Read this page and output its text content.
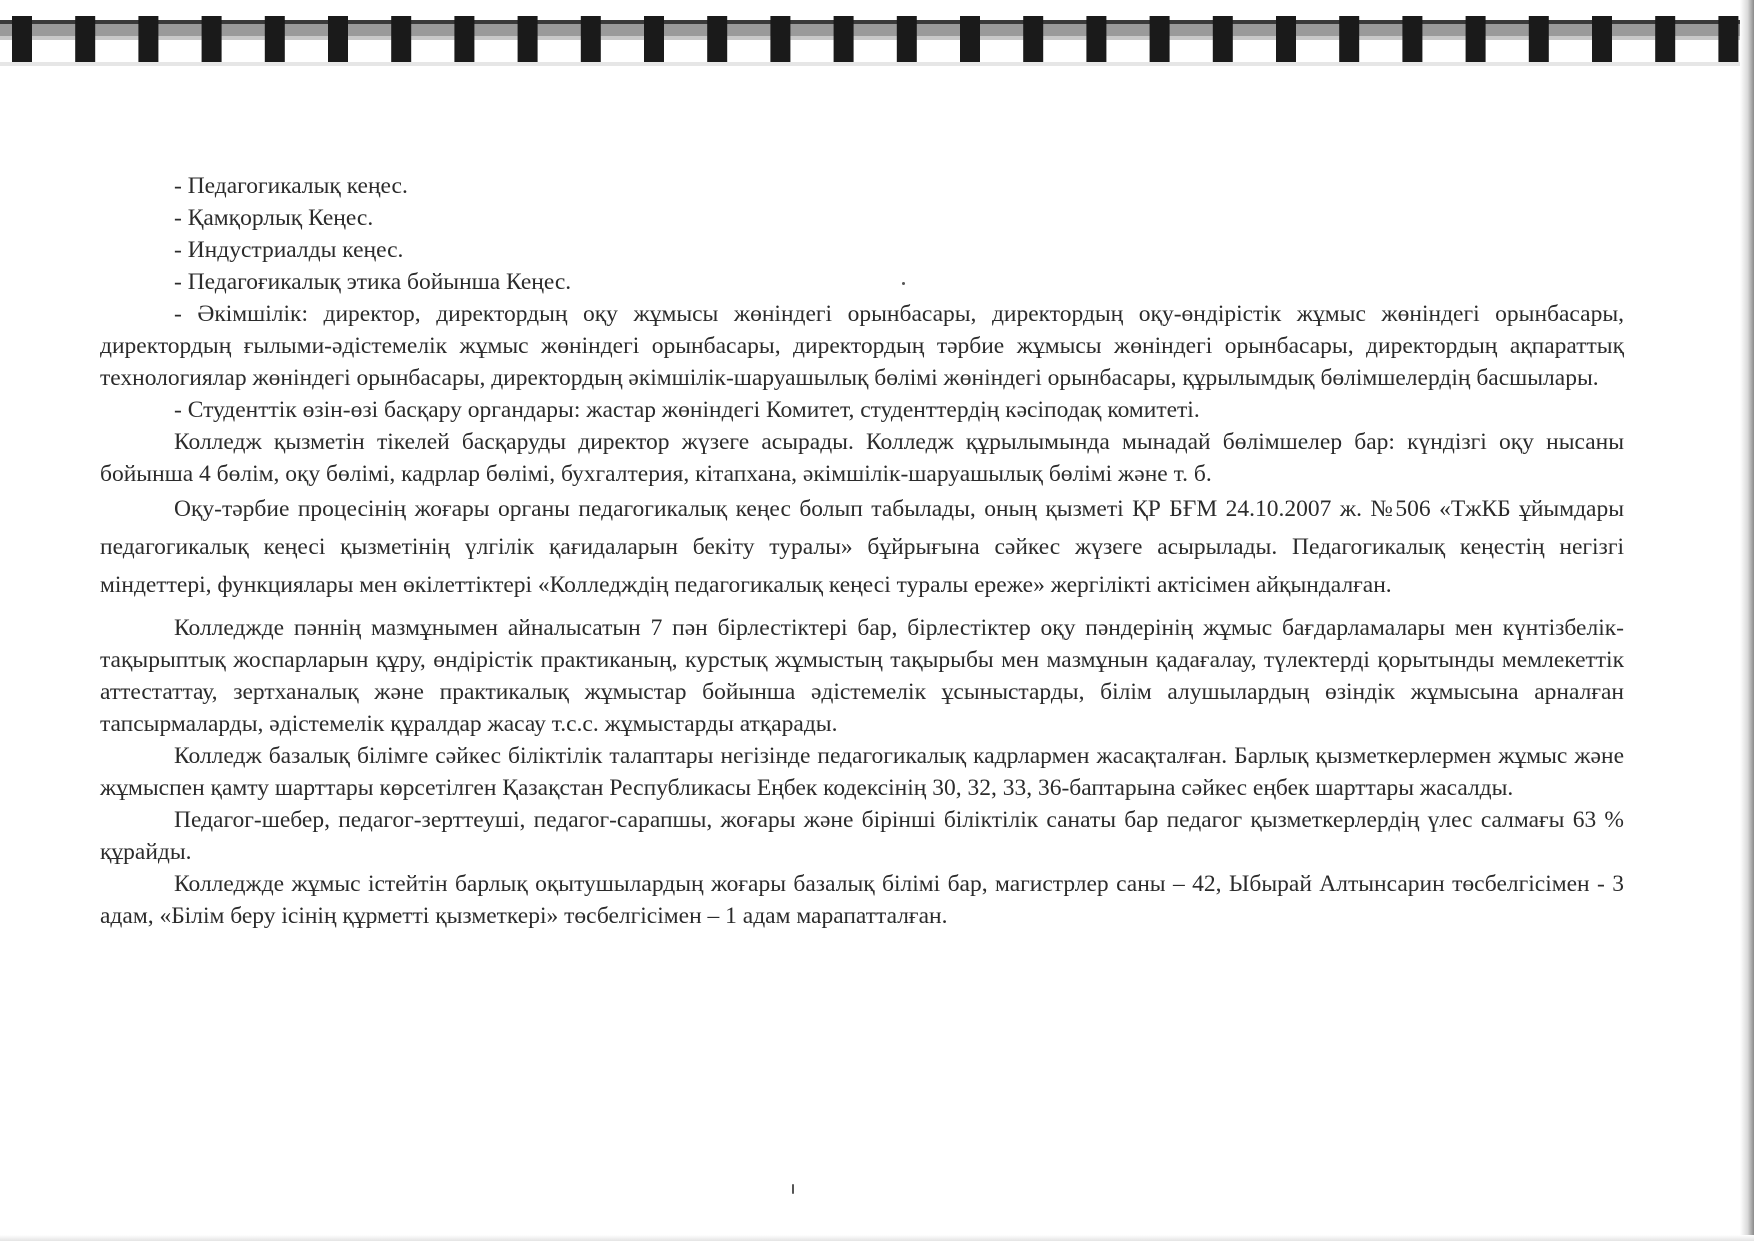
- Педагогикалық кеңес.

- Қамқорлық Кеңес.

- Индустриалды кеңес.

- Педагоғикалық этика бойынша Кеңес.

- Әкімшілік: директор, директордың оқу жұмысы жөніндегі орынбасары, директордың оқу-өндірістік жұмыс жөніндегі орынбасары, директордың ғылыми-әдістемелік жұмыс жөніндегі орынбасары, директордың тәрбие жұмысы жөніндегі орынбасары, директордың ақпараттық технологиялар жөніндегі орынбасары, директордың әкімшілік-шаруашылық бөлімі жөніндегі орынбасары, құрылымдық бөлімшелердің басшылары.

- Студенттік өзін-өзі басқару органдары: жастар жөніндегі Комитет, студенттердің кәсіподақ комитеті.

Колледж қызметін тікелей басқаруды директор жүзеге асырады. Колледж құрылымында мынадай бөлімшелер бар: күндізгі оқу нысаны бойынша 4 бөлім, оқу бөлімі, кадрлар бөлімі, бухгалтерия, кітапхана, әкімшілік-шаруашылық бөлімі және т. б.

Оқу-тәрбие процесінің жоғары органы педагогикалық кеңес болып табылады, оның қызметі ҚР БҒМ 24.10.2007 ж. №506 «ТжКБ ұйымдары педагогикалық кеңесі қызметінің үлгілік қағидаларын бекіту туралы» бұйрығына сәйкес жүзеге асырылады. Педагогикалық кеңестің негізгі міндеттері, функциялары мен өкілеттіктері «Колледждің педагогикалық кеңесі туралы ереже» жергілікті актісімен айқындалған.

Колледжде пәннің мазмұнымен айналысатын 7 пән бірлестіктері бар, бірлестіктер оқу пәндерінің жұмыс бағдарламалары мен күнтізбелік-тақырыптық жоспарларын құру, өндірістік практиканың, курстық жұмыстың тақырыбы мен мазмұнын қадағалау, түлектерді қорытынды мемлекеттік аттестаттау, зертханалық және практикалық жұмыстар бойынша әдістемелік ұсыныстарды, білім алушылардың өзіндік жұмысына арналған тапсырмаларды, әдістемелік құралдар жасау т.с.с. жұмыстарды атқарады.

Колледж базалық білімге сәйкес біліктілік талаптары негізінде педагогикалық кадрлармен жасақталған. Барлық қызметкерлермен жұмыс және жұмыспен қамту шарттары көрсетілген Қазақстан Республикасы Еңбек кодексінің 30, 32, 33, 36-баптарына сәйкес еңбек шарттары жасалды.

Педагог-шебер, педагог-зерттеуші, педагог-сарапшы, жоғары және бірінші біліктілік санаты бар педагог қызметкерлердің үлес салмағы 63 % құрайды.

Колледжде жұмыс істейтін барлық оқытушылардың жоғары базалық білімі бар, магистрлер саны – 42, Ыбырай Алтынсарин төсбелгісімен - 3 адам, «Білім беру ісінің құрметті қызметкері» төсбелгісімен – 1 адам марапатталған.
